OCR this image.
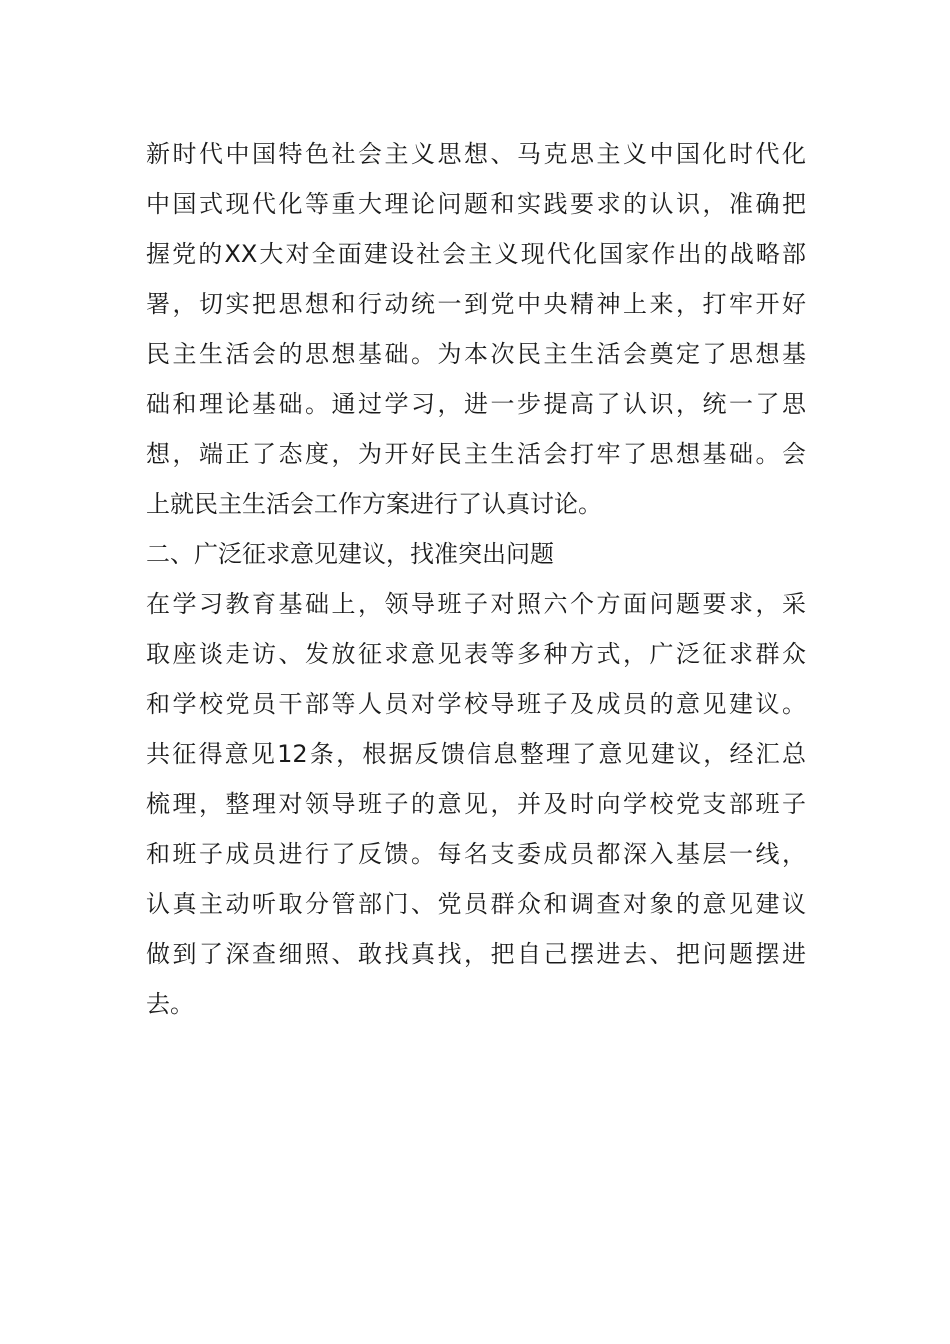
新时代中国特色社会主义思想、马克思主义中国化时代化
中国式现代化等重大理论问题和实践要求的认识，准确把
握党的XX大对全面建设社会主义现代化国家作出的战略部
署，切实把思想和行动统一到党中央精神上来，打牢开好
民主生活会的思想基础。为本次民主生活会奠定了思想基
础和理论基础。通过学习，进一步提高了认识，统一了思
想，端正了态度，为开好民主生活会打牢了思想基础。会
上就民主生活会工作方案进行了认真讨论。
二、广泛征求意见建议，找准突出问题
在学习教育基础上，领导班子对照六个方面问题要求，采
取座谈走访、发放征求意见表等多种方式，广泛征求群众
和学校党员干部等人员对学校导班子及成员的意见建议。
共征得意见12条，根据反馈信息整理了意见建议，经汇总
梳理，整理对领导班子的意见，并及时向学校党支部班子
和班子成员进行了反馈。每名支委成员都深入基层一线，
认真主动听取分管部门、党员群众和调查对象的意见建议
做到了深查细照、敢找真找，把自己摆进去、把问题摆进
去。
